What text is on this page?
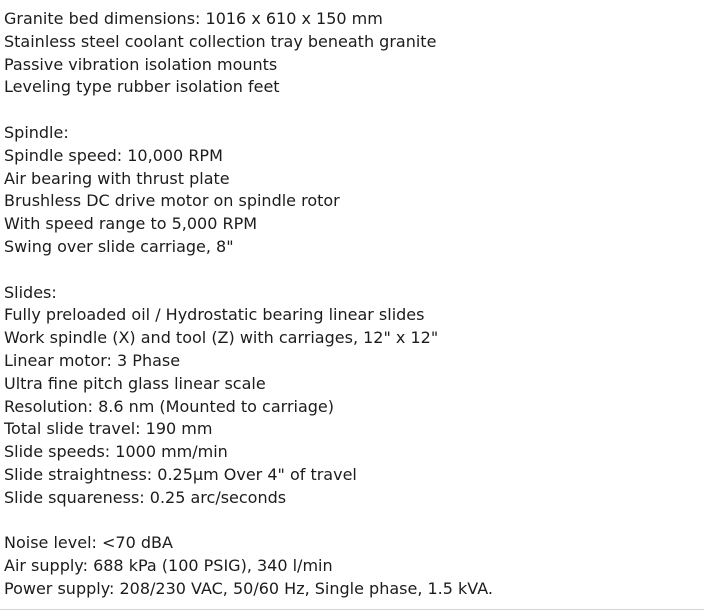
Granite bed dimensions: 1016 x 610 x 150 mm
Stainless steel coolant collection tray beneath granite
Passive vibration isolation mounts
Leveling type rubber isolation feet
Spindle:
Spindle speed: 10,000 RPM
Air bearing with thrust plate
Brushless DC drive motor on spindle rotor
With speed range to 5,000 RPM
Swing over slide carriage, 8"
Slides:
Fully preloaded oil / Hydrostatic bearing linear slides
Work spindle (X) and tool (Z) with carriages, 12" x 12"
Linear motor: 3 Phase
Ultra fine pitch glass linear scale
Resolution: 8.6 nm (Mounted to carriage)
Total slide travel: 190 mm
Slide speeds: 1000 mm/min
Slide straightness: 0.25µm Over 4" of travel
Slide squareness: 0.25 arc/seconds
Noise level: <70 dBA
Air supply: 688 kPa (100 PSIG), 340 l/min
Power supply: 208/230 VAC, 50/60 Hz, Single phase, 1.5 kVA.
